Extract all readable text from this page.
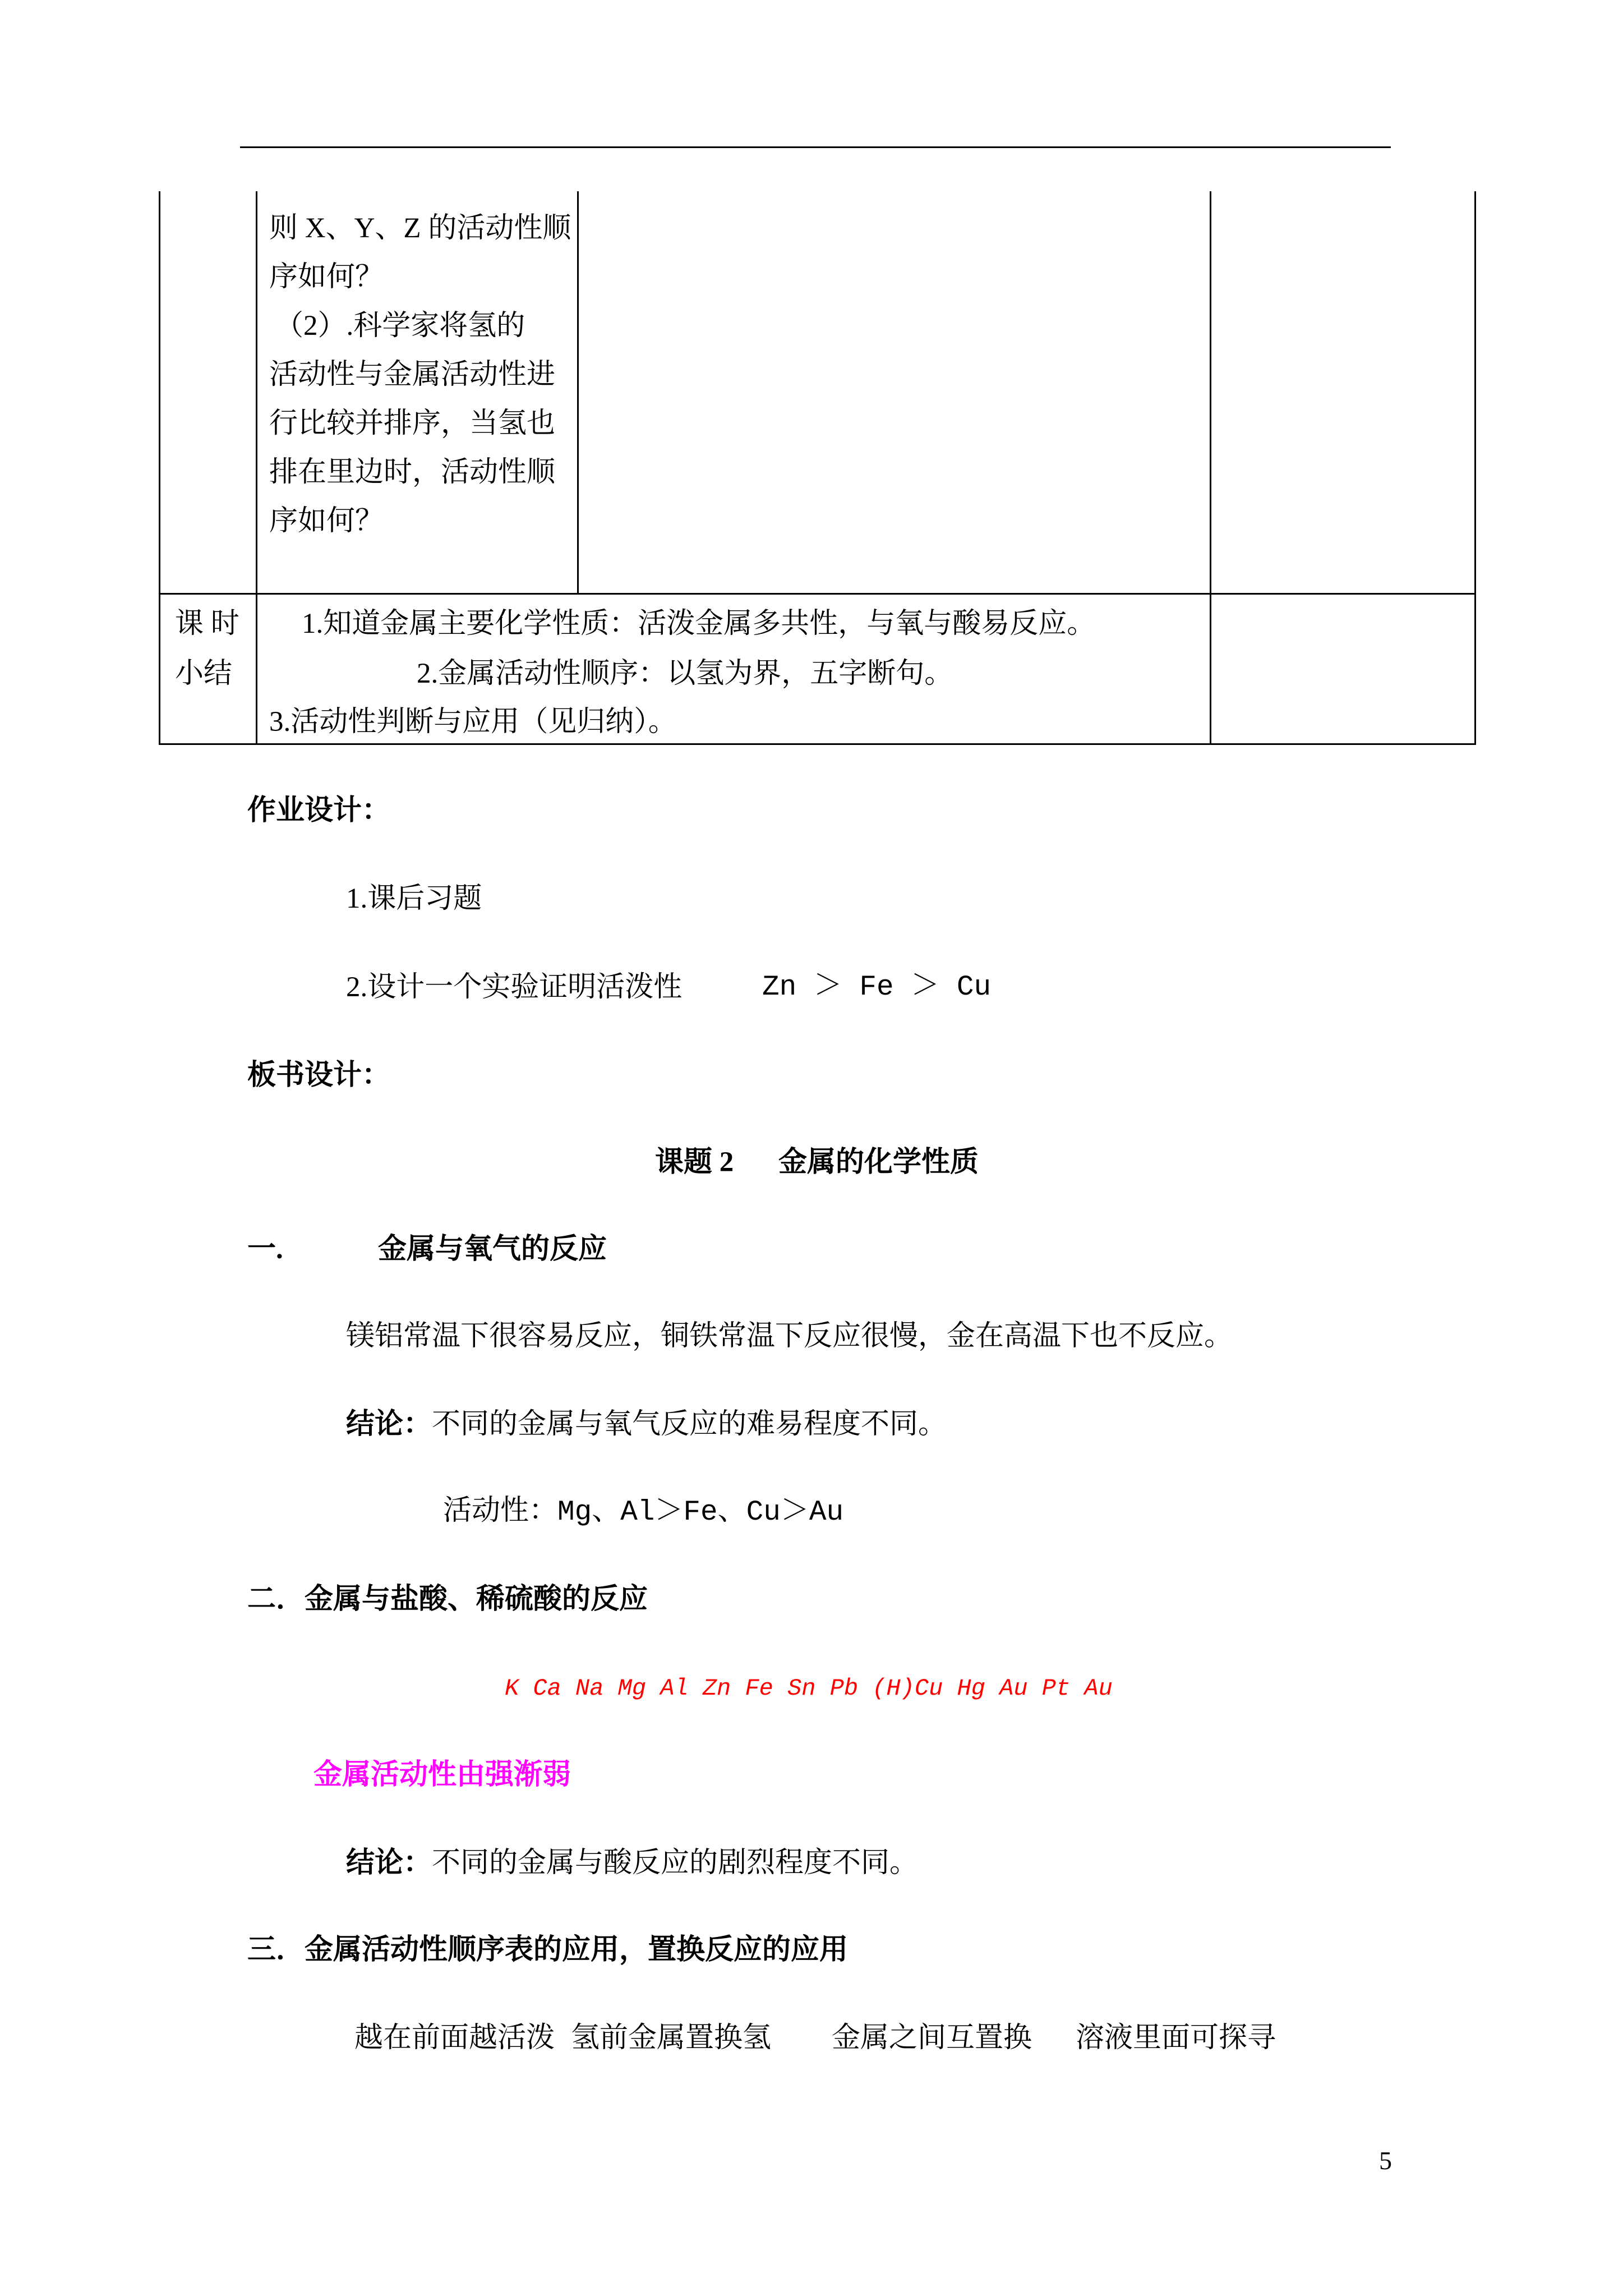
则 X、Y、Z 的活动性顺
序如何？
（2）.科学家将氢的
活动性与金属活动性进
行比较并排序，当氢也
排在里边时，活动性顺
序如何？
课 时
小结
1.知道金属主要化学性质：活泼金属多共性，与氧与酸易反应。
2.金属活动性顺序：以氢为界，五字断句。
3.活动性判断与应用（见归纳）。
作业设计：
1.课后习题
2.设计一个实验证明活泼性	Zn ＞ Fe ＞ Cu
板书设计：
课题 2 金属的化学性质
一.	金属与氧气的反应
镁铝常温下很容易反应，铜铁常温下反应很慢，金在高温下也不反应。
结论：不同的金属与氧气反应的难易程度不同。
活动性：Mg、Al＞Fe、Cu＞Au
二．金属与盐酸、稀硫酸的反应
K Ca Na Mg Al Zn Fe Sn Pb (H)Cu Hg Au Pt Au
金属活动性由强渐弱
结论：不同的金属与酸反应的剧烈程度不同。
三．金属活动性顺序表的应用，置换反应的应用
越在前面越活泼 氢前金属置换氢 金属之间互置换 溶液里面可探寻
5
